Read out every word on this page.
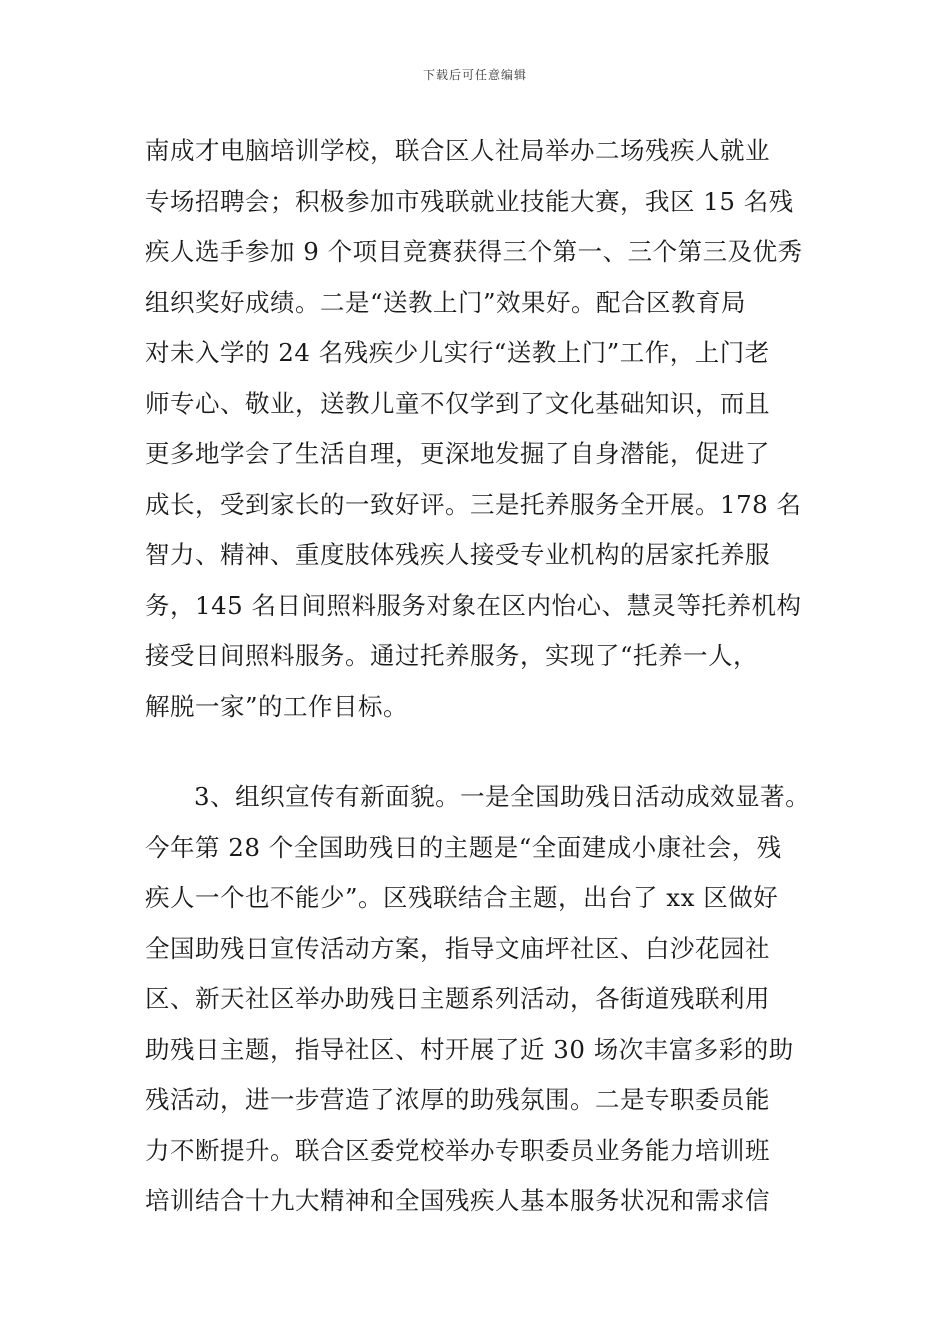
下载后可任意编辑
南成才电脑培训学校，联合区人社局举办二场残疾人就业
专场招聘会；积极参加市残联就业技能大赛，我区 15 名残
疾人选手参加 9 个项目竞赛获得三个第一、三个第三及优秀
组织奖好成绩。二是“送教上门”效果好。配合区教育局
对未入学的 24 名残疾少儿实行“送教上门”工作，上门老
师专心、敬业，送教儿童不仅学到了文化基础知识，而且
更多地学会了生活自理，更深地发掘了自身潜能，促进了
成长，受到家长的一致好评。三是托养服务全开展。178 名
智力、精神、重度肢体残疾人接受专业机构的居家托养服
务，145 名日间照料服务对象在区内怡心、慧灵等托养机构
接受日间照料服务。通过托养服务，实现了“托养一人，
解脱一家”的工作目标。
3、组织宣传有新面貌。一是全国助残日活动成效显著。
今年第 28 个全国助残日的主题是“全面建成小康社会，残
疾人一个也不能少”。区残联结合主题，出台了 xx 区做好
全国助残日宣传活动方案，指导文庙坪社区、白沙花园社
区、新天社区举办助残日主题系列活动，各街道残联利用
助残日主题，指导社区、村开展了近 30 场次丰富多彩的助
残活动，进一步营造了浓厚的助残氛围。二是专职委员能
力不断提升。联合区委党校举办专职委员业务能力培训班
培训结合十九大精神和全国残疾人基本服务状况和需求信
